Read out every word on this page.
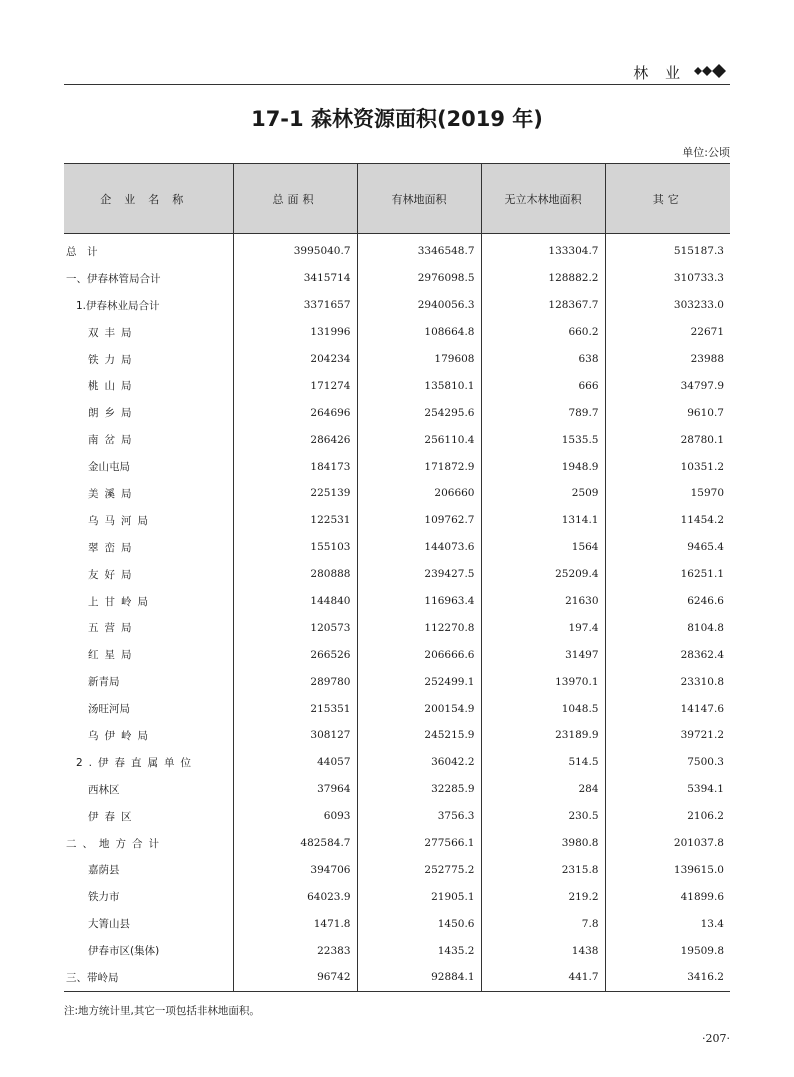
林 业
17-1 森林资源面积(2019 年)
单位:公顷
企业名称	总面积	有林地面积	无立木林地面积	其它
总　计	3995040.7	3346548.7	133304.7	515187.3
一、伊春林管局合计	3415714	2976098.5	128882.2	310733.3
1.伊春林业局合计	3371657	2940056.3	128367.7	303233.0
双丰局	131996	108664.8	660.2	22671
铁力局	204234	179608	638	23988
桃山局	171274	135810.1	666	34797.9
朗乡局	264696	254295.6	789.7	9610.7
南岔局	286426	256110.4	1535.5	28780.1
金山屯局	184173	171872.9	1948.9	10351.2
美溪局	225139	206660	2509	15970
乌马河局	122531	109762.7	1314.1	11454.2
翠峦局	155103	144073.6	1564	9465.4
友好局	280888	239427.5	25209.4	16251.1
上甘岭局	144840	116963.4	21630	6246.6
五营局	120573	112270.8	197.4	8104.8
红星局	266526	206666.6	31497	28362.4
新青局	289780	252499.1	13970.1	23310.8
汤旺河局	215351	200154.9	1048.5	14147.6
乌伊岭局	308127	245215.9	23189.9	39721.2
2.伊春直属单位	44057	36042.2	514.5	7500.3
西林区	37964	32285.9	284	5394.1
伊春区	6093	3756.3	230.5	2106.2
二、地方合计	482584.7	277566.1	3980.8	201037.8
嘉荫县	394706	252775.2	2315.8	139615.0
铁力市	64023.9	21905.1	219.2	41899.6
大箐山县	1471.8	1450.6	7.8	13.4
伊春市区(集体)	22383	1435.2	1438	19509.8
三、带岭局	96742	92884.1	441.7	3416.2
注:地方统计里,其它一项包括非林地面积。
·207·
